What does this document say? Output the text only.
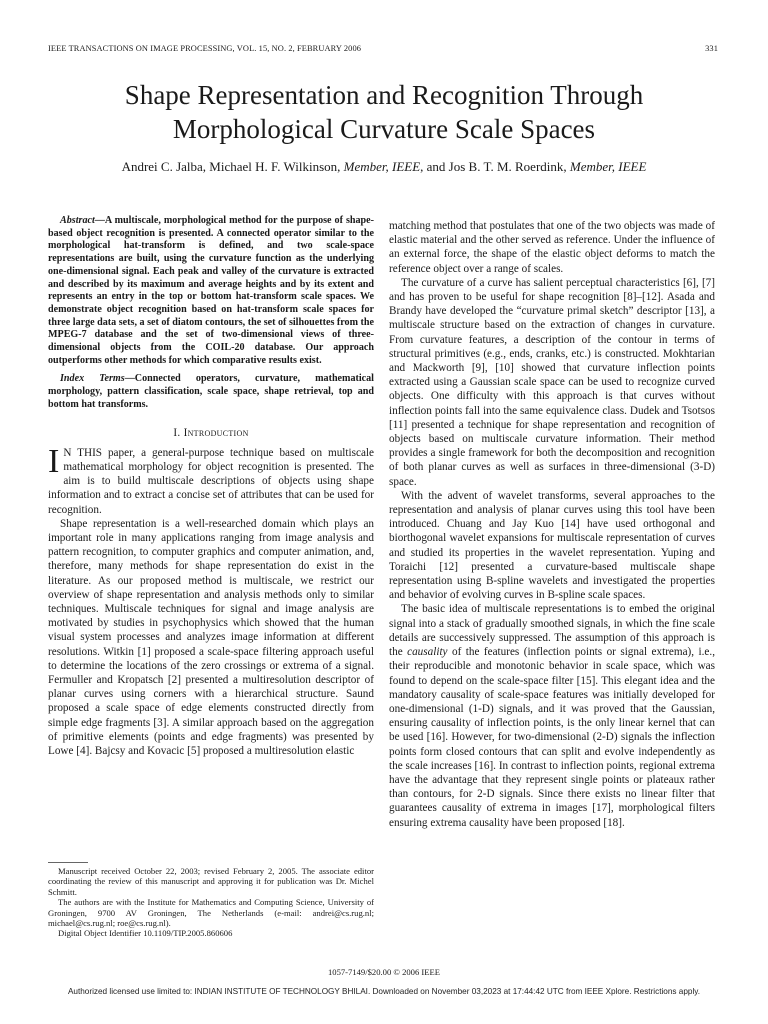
IEEE TRANSACTIONS ON IMAGE PROCESSING, VOL. 15, NO. 2, FEBRUARY 2006	331
Shape Representation and Recognition Through
Morphological Curvature Scale Spaces
Andrei C. Jalba, Michael H. F. Wilkinson, Member, IEEE, and Jos B. T. M. Roerdink, Member, IEEE

Abstract—A multiscale, morphological method for the purpose of shape-based object recognition is presented. A connected operator similar to the morphological hat-transform is defined, and two scale-space representations are built, using the curvature function as the underlying one-dimensional signal. Each peak and valley of the curvature is extracted and described by its maximum and average heights and by its extent and represents an entry in the top or bottom hat-transform scale spaces. We demonstrate object recognition based on hat-transform scale spaces for three large data sets, a set of diatom contours, the set of silhouettes from the MPEG-7 database and the set of two-dimensional views of three-dimensional objects from the COIL-20 database. Our approach outperforms other methods for which comparative results exist.

Index Terms—Connected operators, curvature, mathematical morphology, pattern classification, scale space, shape retrieval, top and bottom hat transforms.

I. Introduction

I N THIS paper, a general-purpose technique based on multiscale mathematical morphology for object recognition is presented. The aim is to build multiscale descriptions of objects using shape information and to extract a concise set of attributes that can be used for recognition.

Shape representation is a well-researched domain which plays an important role in many applications ranging from image analysis and pattern recognition, to computer graphics and computer animation, and, therefore, many methods for shape representation do exist in the literature. As our proposed method is multiscale, we restrict our overview of shape representation and analysis methods only to similar techniques. Multiscale techniques for signal and image analysis are motivated by studies in psychophysics which showed that the human visual system processes and analyzes image information at different resolutions. Witkin [1] proposed a scale-space filtering approach useful to determine the locations of the zero crossings or extrema of a signal. Fermuller and Kropatsch [2] presented a multiresolution descriptor of planar curves using corners with a hierarchical structure. Saund proposed a scale space of edge elements constructed directly from simple edge fragments [3]. A similar approach based on the aggregation of primitive elements (points and edge fragments) was presented by Lowe [4]. Bajcsy and Kovacic [5] proposed a multiresolution elastic

matching method that postulates that one of the two objects was made of elastic material and the other served as reference. Under the influence of an external force, the shape of the elastic object deforms to match the reference object over a range of scales.

The curvature of a curve has salient perceptual characteristics [6], [7] and has proven to be useful for shape recognition [8]–[12]. Asada and Brandy have developed the “curvature primal sketch” descriptor [13], a multiscale structure based on the extraction of changes in curvature. From curvature features, a description of the contour in terms of structural primitives (e.g., ends, cranks, etc.) is constructed. Mokhtarian and Mackworth [9], [10] showed that curvature inflection points extracted using a Gaussian scale space can be used to recognize curved objects. One difficulty with this approach is that curves without inflection points fall into the same equivalence class. Dudek and Tsotsos [11] presented a technique for shape representation and recognition of objects based on multiscale curvature information. Their method provides a single framework for both the decomposition and recognition of both planar curves as well as surfaces in three-dimensional (3-D) space.

With the advent of wavelet transforms, several approaches to the representation and analysis of planar curves using this tool have been introduced. Chuang and Jay Kuo [14] have used orthogonal and biorthogonal wavelet expansions for multiscale representation of curves and studied its properties in the wavelet representation. Yuping and Toraichi [12] presented a curvature-based multiscale shape representation using B-spline wavelets and investigated the properties and behavior of evolving curves in B-spline scale spaces.

The basic idea of multiscale representations is to embed the original signal into a stack of gradually smoothed signals, in which the fine scale details are successively suppressed. The assumption of this approach is the causality of the features (inflection points or signal extrema), i.e., their reproducible and monotonic behavior in scale space, which was found to depend on the scale-space filter [15]. This elegant idea and the mandatory causality of scale-space features was initially developed for one-dimensional (1-D) signals, and it was proved that the Gaussian, ensuring causality of inflection points, is the only linear kernel that can be used [16]. However, for two-dimensional (2-D) signals the inflection points form closed contours that can split and evolve independently as the scale increases [16]. In contrast to inflection points, regional extrema have the advantage that they represent single points or plateaux rather than contours, for 2-D signals. Since there exists no linear filter that guarantees causality of extrema in images [17], morphological filters ensuring extrema causality have been proposed [18].

Manuscript received October 22, 2003; revised February 2, 2005. The associate editor coordinating the review of this manuscript and approving it for publication was Dr. Michel Schmitt.

The authors are with the Institute for Mathematics and Computing Science, University of Groningen, 9700 AV Groningen, The Netherlands (e-mail: andrei@cs.rug.nl; michael@cs.rug.nl; roe@cs.rug.nl).

Digital Object Identifier 10.1109/TIP.2005.860606

1057-7149/$20.00 © 2006 IEEE
Authorized licensed use limited to: INDIAN INSTITUTE OF TECHNOLOGY BHILAI. Downloaded on November 03,2023 at 17:44:42 UTC from IEEE Xplore. Restrictions apply.
